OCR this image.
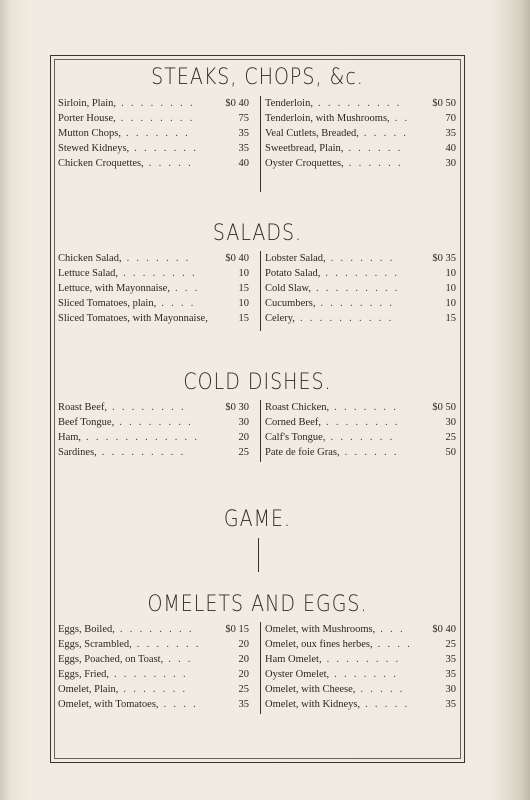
STEAKS, CHOPS, &c.
Sirloin, Plain, . . . . . . . .	$0 40
Porter House, . . . . . . . .	75
Mutton Chops, . . . . . . .	35
Stewed Kidneys, . . . . . . .	35
Chicken Croquettes, . . . . .	40
Tenderloin, . . . . . . . . .	$0 50
Tenderloin, with Mushrooms, . .	70
Veal Cutlets, Breaded, . . . . .	35
Sweetbread, Plain, . . . . . .	40
Oyster Croquettes, . . . . . .	30
SALADS.
Chicken Salad, . . . . . . .	$0 40
Lettuce Salad, . . . . . . . .	10
Lettuce, with Mayonnaise, . . .	15
Sliced Tomatoes, plain, . . . .	10
Sliced Tomatoes, with Mayonnaise,	15
Lobster Salad, . . . . . . .	$0 35
Potato Salad, . . . . . . . .	10
Cold Slaw, . . . . . . . . .	10
Cucumbers, . . . . . . . .	10
Celery, . . . . . . . . . .	15
COLD DISHES.
Roast Beef, . . . . . . . .	$0 30
Beef Tongue, . . . . . . . .	30
Ham, . . . . . . . . . . . .	20
Sardines, . . . . . . . . .	25
Roast Chicken, . . . . . . .	$0 50
Corned Beef, . . . . . . . .	30
Calf's Tongue, . . . . . . .	25
Pate de foie Gras, . . . . . .	50
GAME.
OMELETS AND EGGS.
Eggs, Boiled, . . . . . . . .	$0 15
Eggs, Scrambled, . . . . . . .	20
Eggs, Poached, on Toast, . . .	20
Eggs, Fried, . . . . . . . .	20
Omelet, Plain, . . . . . . .	25
Omelet, with Tomatoes, . . . .	35
Omelet, with Mushrooms, . . .	$0 40
Omelet, oux fines herbes, . . . .	25
Ham Omelet, . . . . . . . .	35
Oyster Omelet, . . . . . . .	35
Omelet, with Cheese, . . . . .	30
Omelet, with Kidneys, . . . . .	35
